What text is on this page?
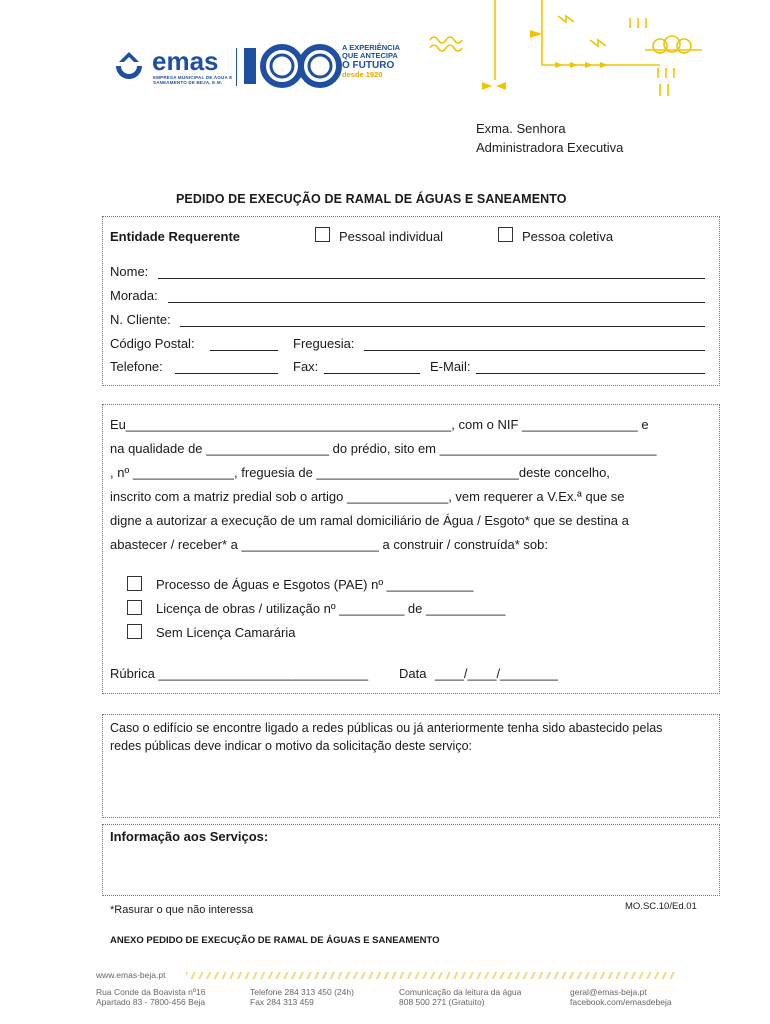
emas
EMPRESA MUNICIPAL DE ÁGUA E SANEAMENTO DE BEJA, E.M.
A EXPERIÊNCIA
QUE ANTECIPA
O FUTURO
desde 1920
Exma. Senhora
Administradora Executiva
PEDIDO DE EXECUÇÃO DE RAMAL DE ÁGUAS E SANEAMENTO
Entidade Requerente	Pessoal individual	Pessoa coletiva
Nome:
Morada:
N. Cliente:
Código Postal:	Freguesia:
Telefone:	Fax:	E-Mail:
Eu_____________________________________________, com o NIF ________________ e
na qualidade de _________________ do prédio, sito em ______________________________
, nº ______________, freguesia de ____________________________deste concelho,
inscrito com a matriz predial sob o artigo ______________, vem requerer a V.Ex.ª que se
digne a autorizar a execução de um ramal domiciliário de Água / Esgoto* que se destina a
abastecer / receber* a ___________________ a construir / construída* sob:
Processo de Águas e Esgotos (PAE) nº ____________
Licença de obras / utilização nº _________ de ___________
Sem Licença Camarária
Rúbrica _____________________________ Data ____/____/________
Caso o edifício se encontre ligado a redes públicas ou já anteriormente tenha sido abastecido pelas redes públicas deve indicar o motivo da solicitação deste serviço:
Informação aos Serviços:
*Rasurar o que não interessa	MO.SC.10/Ed.01
ANEXO PEDIDO DE EXECUÇÃO DE RAMAL DE ÁGUAS E SANEAMENTO
www.emas-beja.pt
Rua Conde da Boavista nº16
Apartado 83 - 7800-456 Beja
Telefone 284 313 450 (24h)
Fax 284 313 459
Comunicação da leitura da água
808 500 271 (Gratuito)
geral@emas-beja.pt
facebook.com/emasdebeja
